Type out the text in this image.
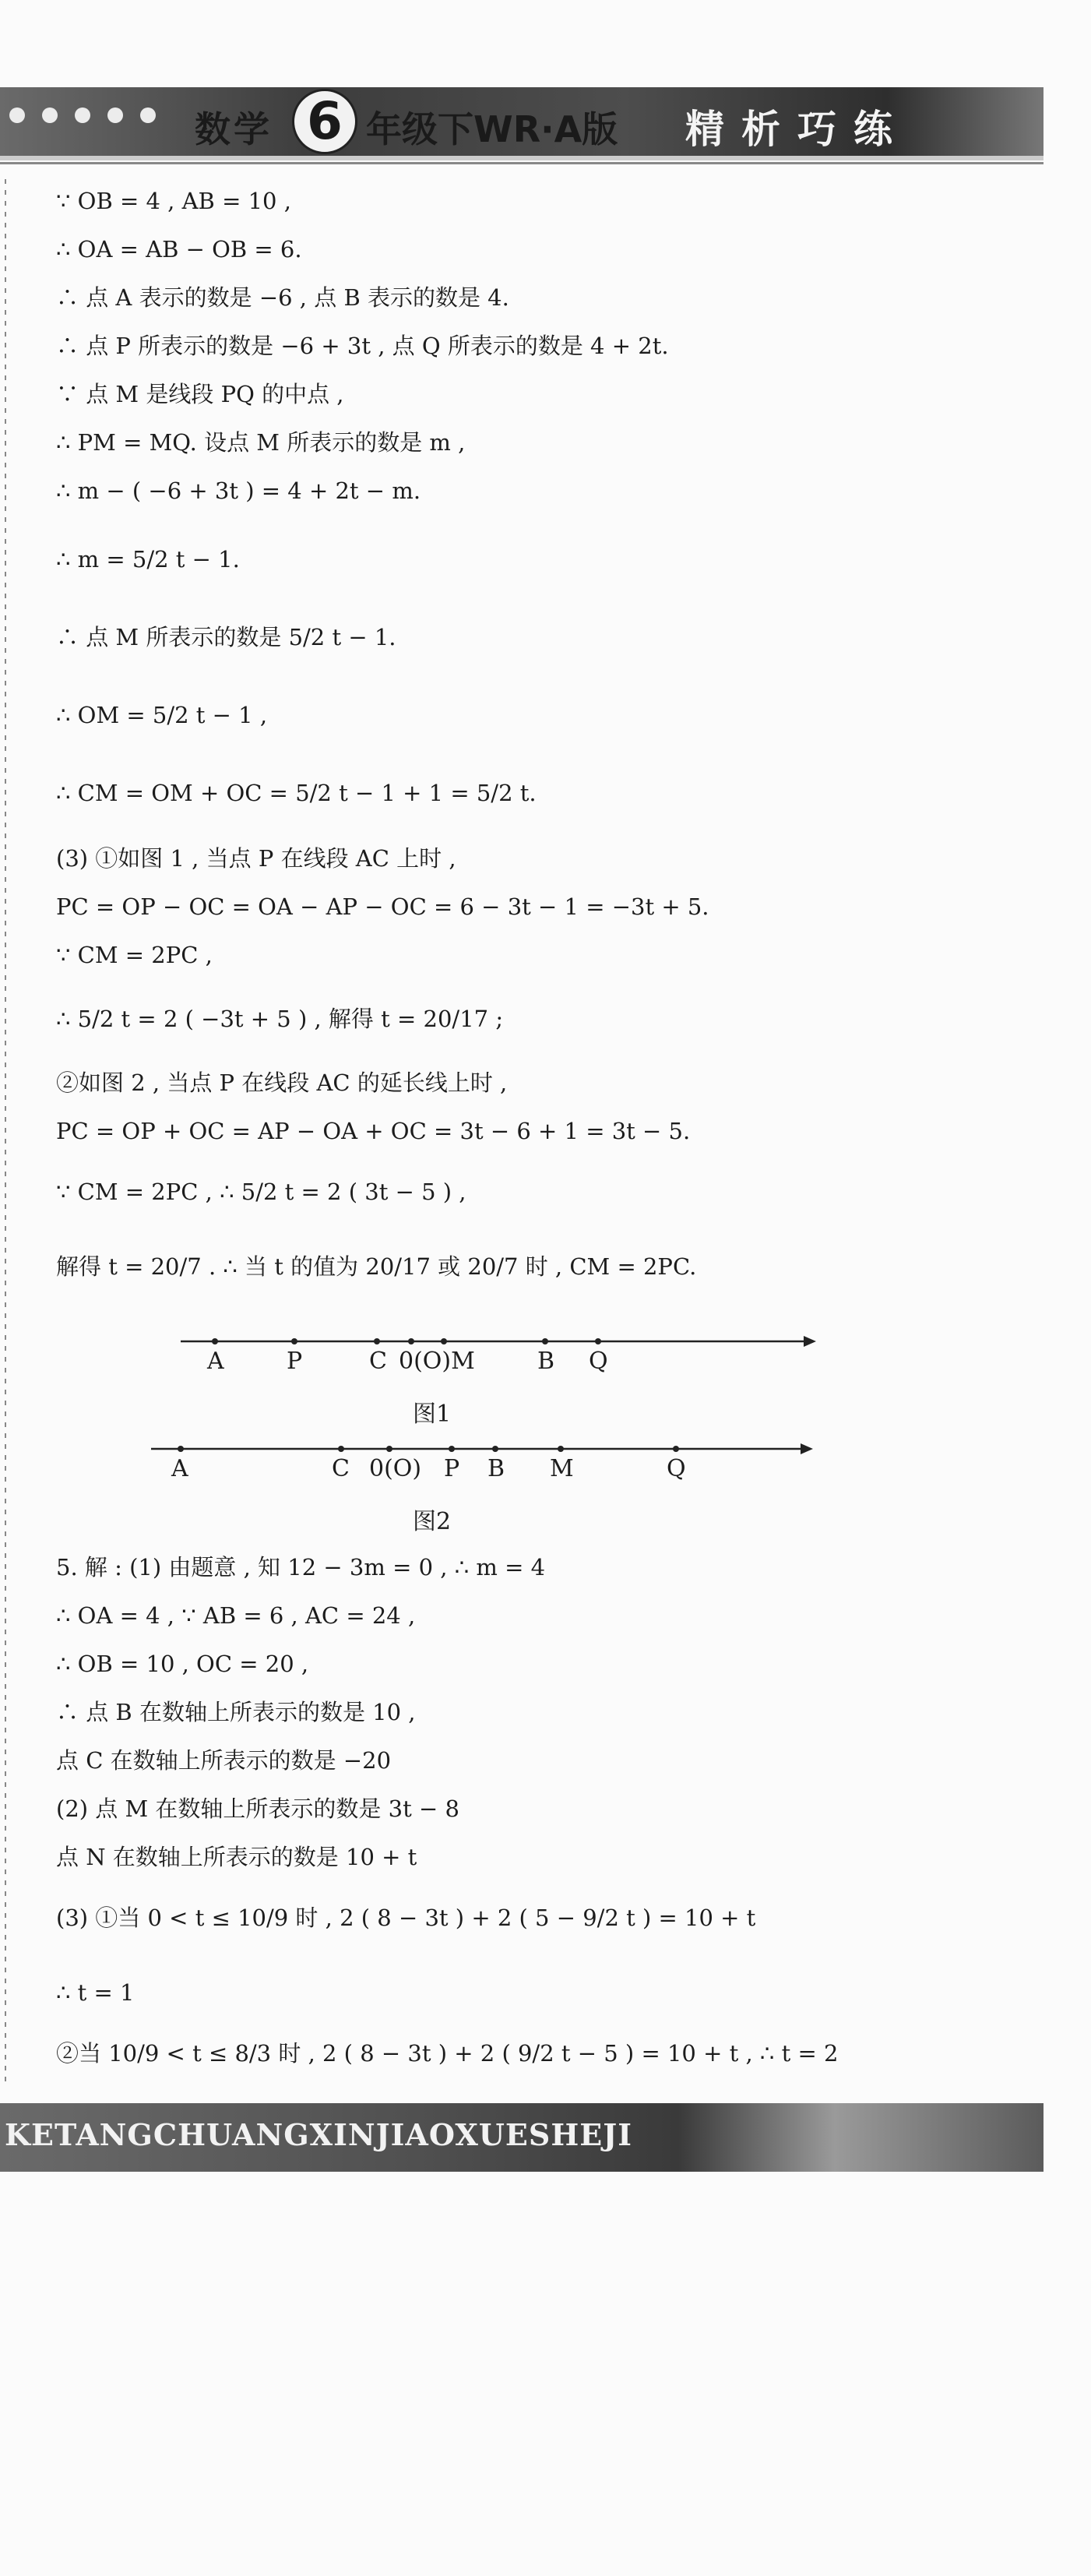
数学 6 年级下WR·A版 精析巧练
∵ OB = 4 , AB = 10 ,
∴ OA = AB − OB = 6.
∴ 点 A 表示的数是 −6 , 点 B 表示的数是 4.
∴ 点 P 所表示的数是 −6 + 3t , 点 Q 所表示的数是 4 + 2t.
∵ 点 M 是线段 PQ 的中点 ,
∴ PM = MQ. 设点 M 所表示的数是 m ,
∴ m − ( −6 + 3t ) = 4 + 2t − m.
∴ m = 5/2 t − 1.
∴ 点 M 所表示的数是 5/2 t − 1.
∴ OM = 5/2 t − 1 ,
∴ CM = OM + OC = 5/2 t − 1 + 1 = 5/2 t.
(3) ①如图 1 , 当点 P 在线段 AC 上时 ,
PC = OP − OC = OA − AP − OC = 6 − 3t − 1 = −3t + 5.
∵ CM = 2PC ,
∴ 5/2 t = 2 ( −3t + 5 ) , 解得 t = 20/17 ;
②如图 2 , 当点 P 在线段 AC 的延长线上时 ,
PC = OP + OC = AP − OA + OC = 3t − 6 + 1 = 3t − 5.
∵ CM = 2PC , ∴ 5/2 t = 2 ( 3t − 5 ) ,
解得 t = 20/7 . ∴ 当 t 的值为 20/17 或 20/7 时 , CM = 2PC.
A	P	C 0(O)M	B Q
图1
A	C 0(O) P B M	Q
图2
5. 解 : (1) 由题意 , 知 12 − 3m = 0 , ∴ m = 4
∴ OA = 4 , ∵ AB = 6 , AC = 24 ,
∴ OB = 10 , OC = 20 ,
∴ 点 B 在数轴上所表示的数是 10 ,
点 C 在数轴上所表示的数是 −20
(2) 点 M 在数轴上所表示的数是 3t − 8
点 N 在数轴上所表示的数是 10 + t
(3) ①当 0 < t ≤ 10/9 时 , 2 ( 8 − 3t ) + 2 ( 5 − 9/2 t ) = 10 + t
∴ t = 1
②当 10/9 < t ≤ 8/3 时 , 2 ( 8 − 3t ) + 2 ( 9/2 t − 5 ) = 10 + t , ∴ t = 2
KETANGCHUANGXINJIAOXUESHEJI
